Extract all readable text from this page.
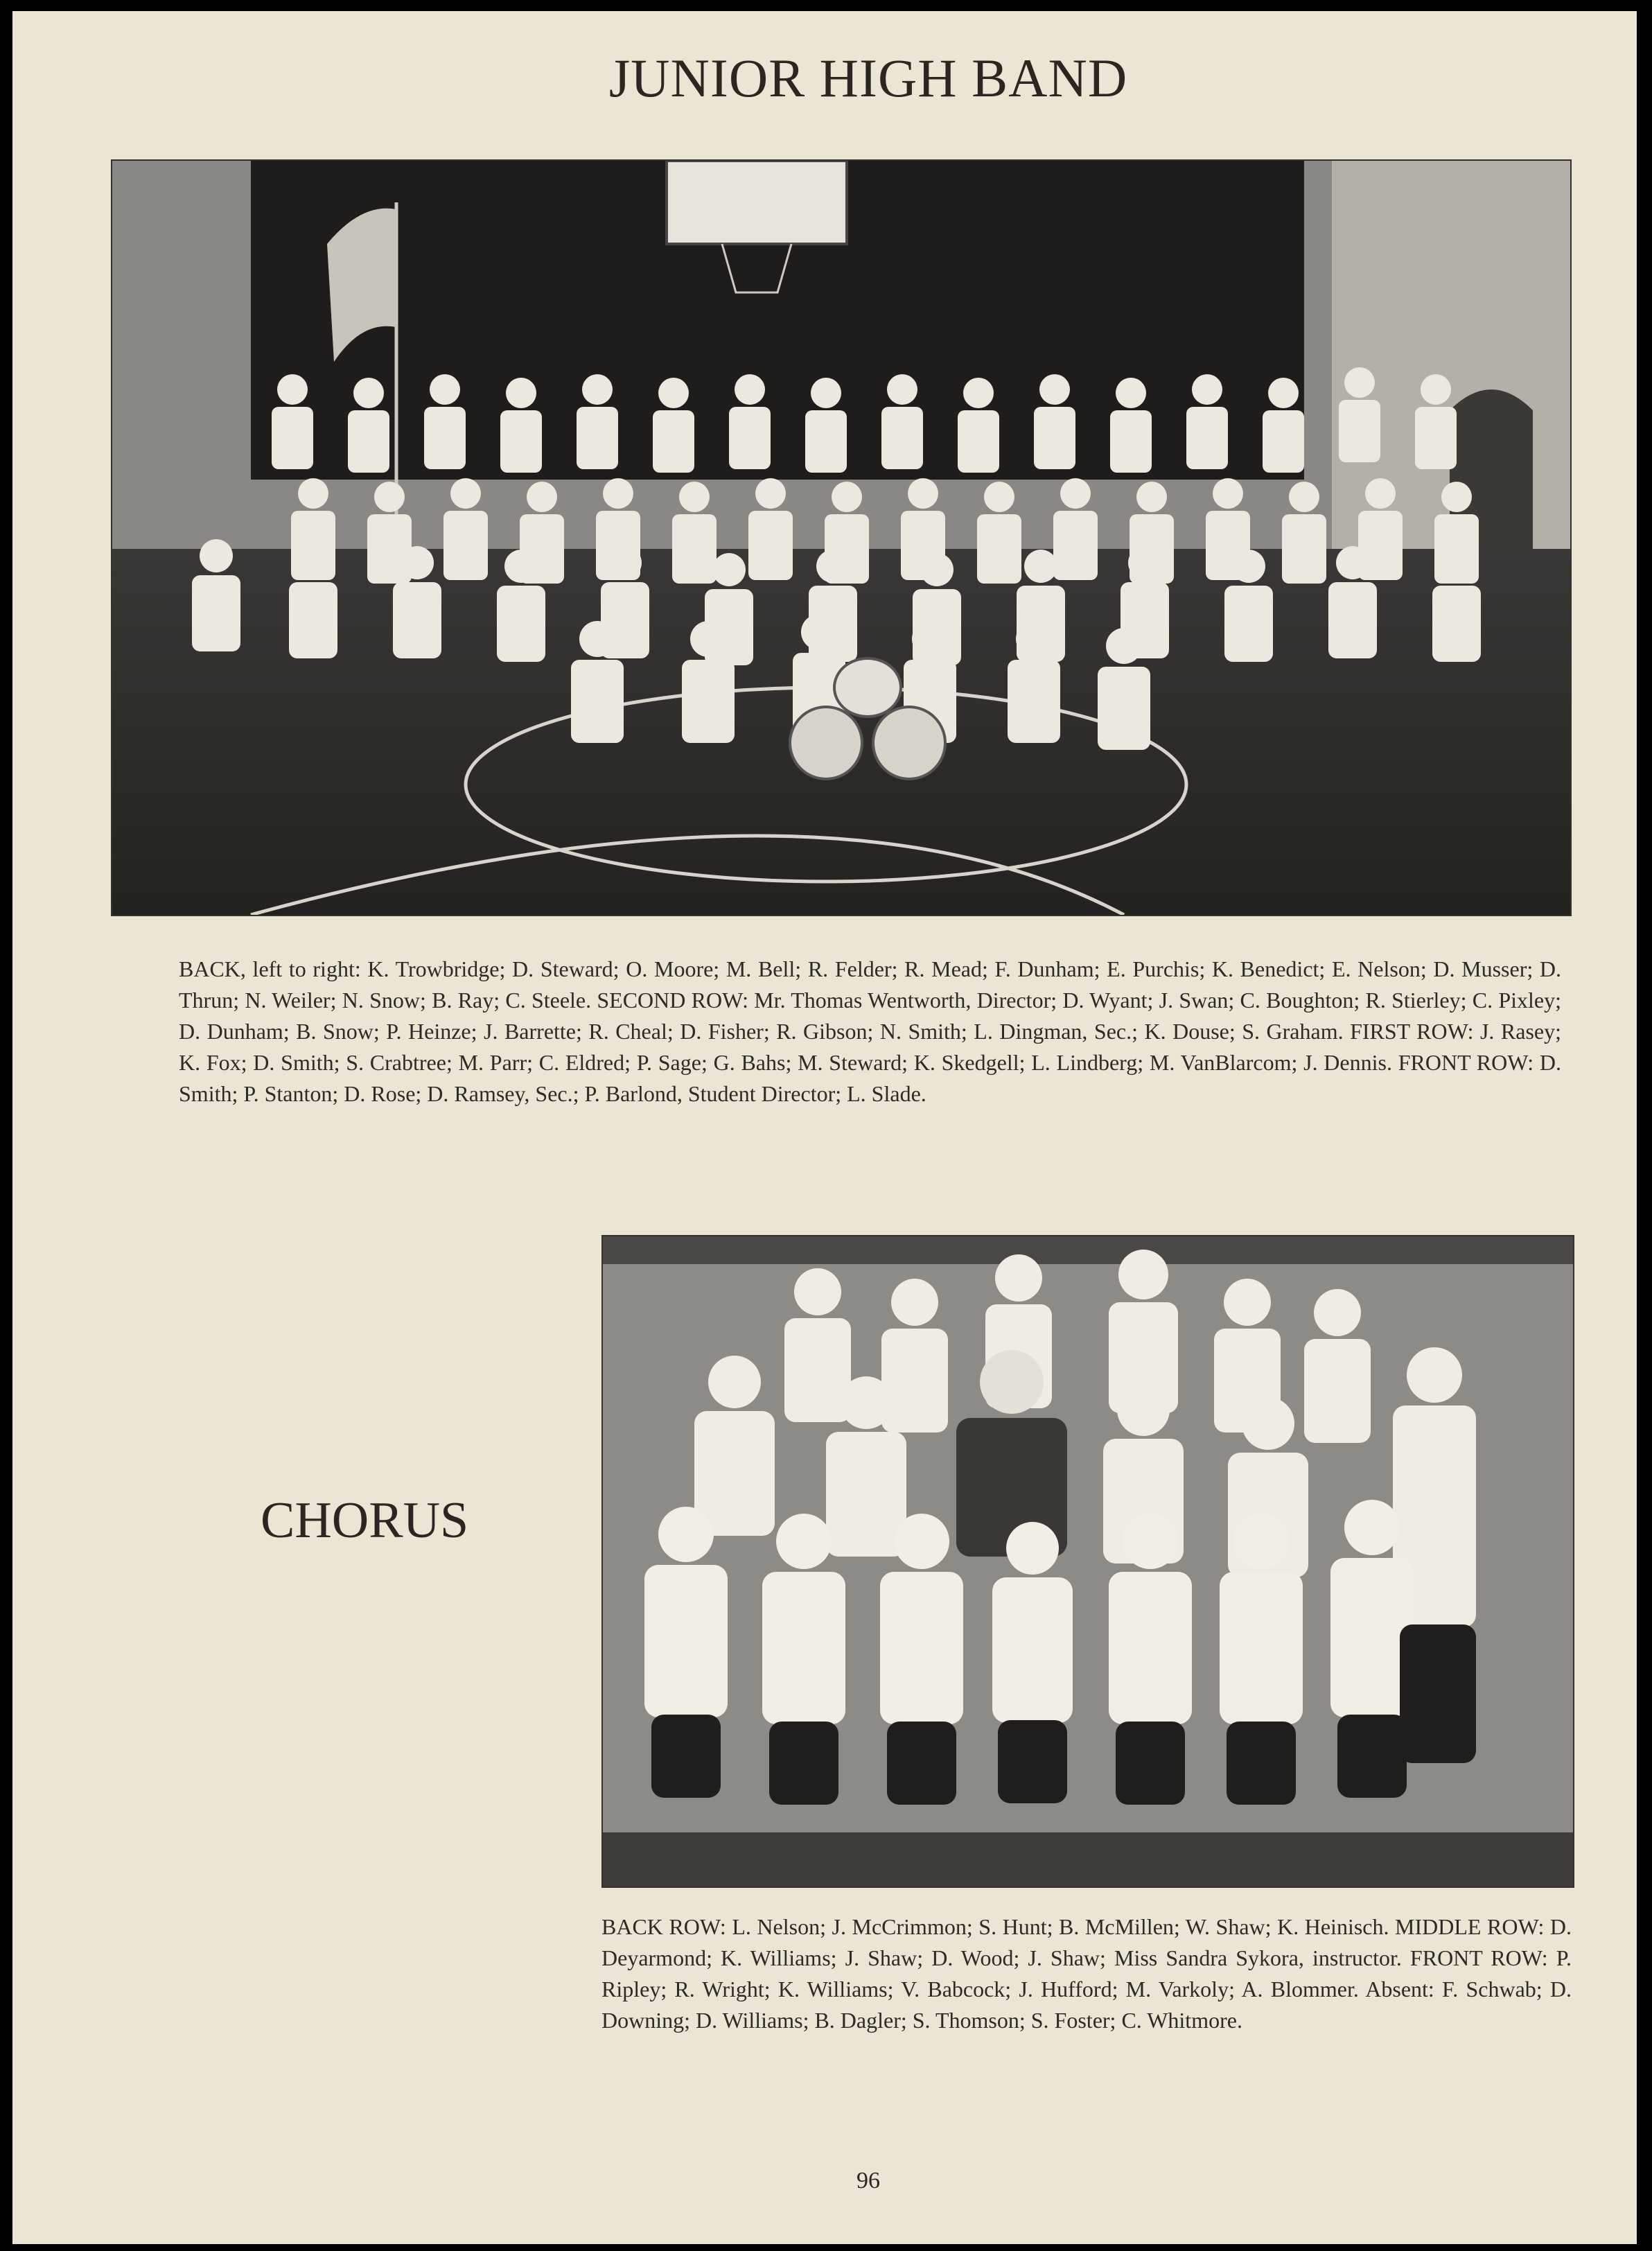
JUNIOR HIGH BAND
BACK, left to right: K. Trowbridge; D. Steward; O. Moore; M. Bell; R. Felder; R. Mead; F. Dunham; E. Purchis; K. Benedict; E. Nelson; D. Musser; D. Thrun; N. Weiler; N. Snow; B. Ray; C. Steele. SECOND ROW: Mr. Thomas Wentworth, Director; D. Wyant; J. Swan; C. Boughton; R. Stierley; C. Pixley; D. Dunham; B. Snow; P. Heinze; J. Barrette; R. Cheal; D. Fisher; R. Gibson; N. Smith; L. Dingman, Sec.; K. Douse; S. Graham. FIRST ROW: J. Rasey; K. Fox; D. Smith; S. Crabtree; M. Parr; C. Eldred; P. Sage; G. Bahs; M. Steward; K. Skedgell; L. Lindberg; M. VanBlarcom; J. Dennis. FRONT ROW: D. Smith; P. Stanton; D. Rose; D. Ramsey, Sec.; P. Barlond, Student Director; L. Slade.
CHORUS
BACK ROW: L. Nelson; J. McCrimmon; S. Hunt; B. McMillen; W. Shaw; K. Heinisch. MIDDLE ROW: D. Deyarmond; K. Williams; J. Shaw; D. Wood; J. Shaw; Miss Sandra Sykora, instructor. FRONT ROW: P. Ripley; R. Wright; K. Williams; V. Babcock; J. Hufford; M. Varkoly; A. Blommer. Absent: F. Schwab; D. Downing; D. Williams; B. Dagler; S. Thomson; S. Foster; C. Whitmore.
96
